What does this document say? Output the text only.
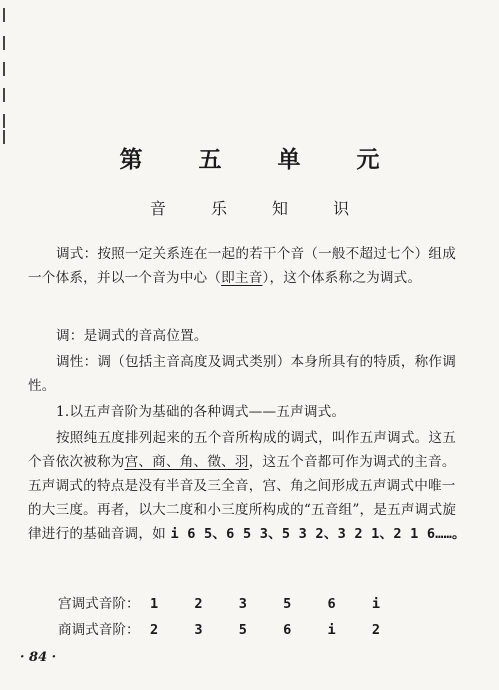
第 五 单 元
音 乐 知 识
调式：按照一定关系连在一起的若干个音（一般不超过七个）组成一个体系，并以一个音为中心（即主音），这个体系称之为调式。
调：是调式的音高位置。
调性：调（包括主音高度及调式类别）本身所具有的特质，称作调性。
1.以五声音阶为基础的各种调式——五声调式。
按照纯五度排列起来的五个音所构成的调式，叫作五声调式。这五个音依次被称为宫、商、角、徵、羽，这五个音都可作为调式的主音。五声调式的特点是没有半音及三全音，宫、角之间形成五声调式中唯一的大三度。再者，以大二度和小三度所构成的“五音组”，是五声调式旋律进行的基础音调，如 i 6 5、6 5 3、5 3 2、3 2 1、2 1 6……。
宫调式音阶： 1 2 3 5 6 i
商调式音阶： 2 3 5 6 i 2
· 84 ·
